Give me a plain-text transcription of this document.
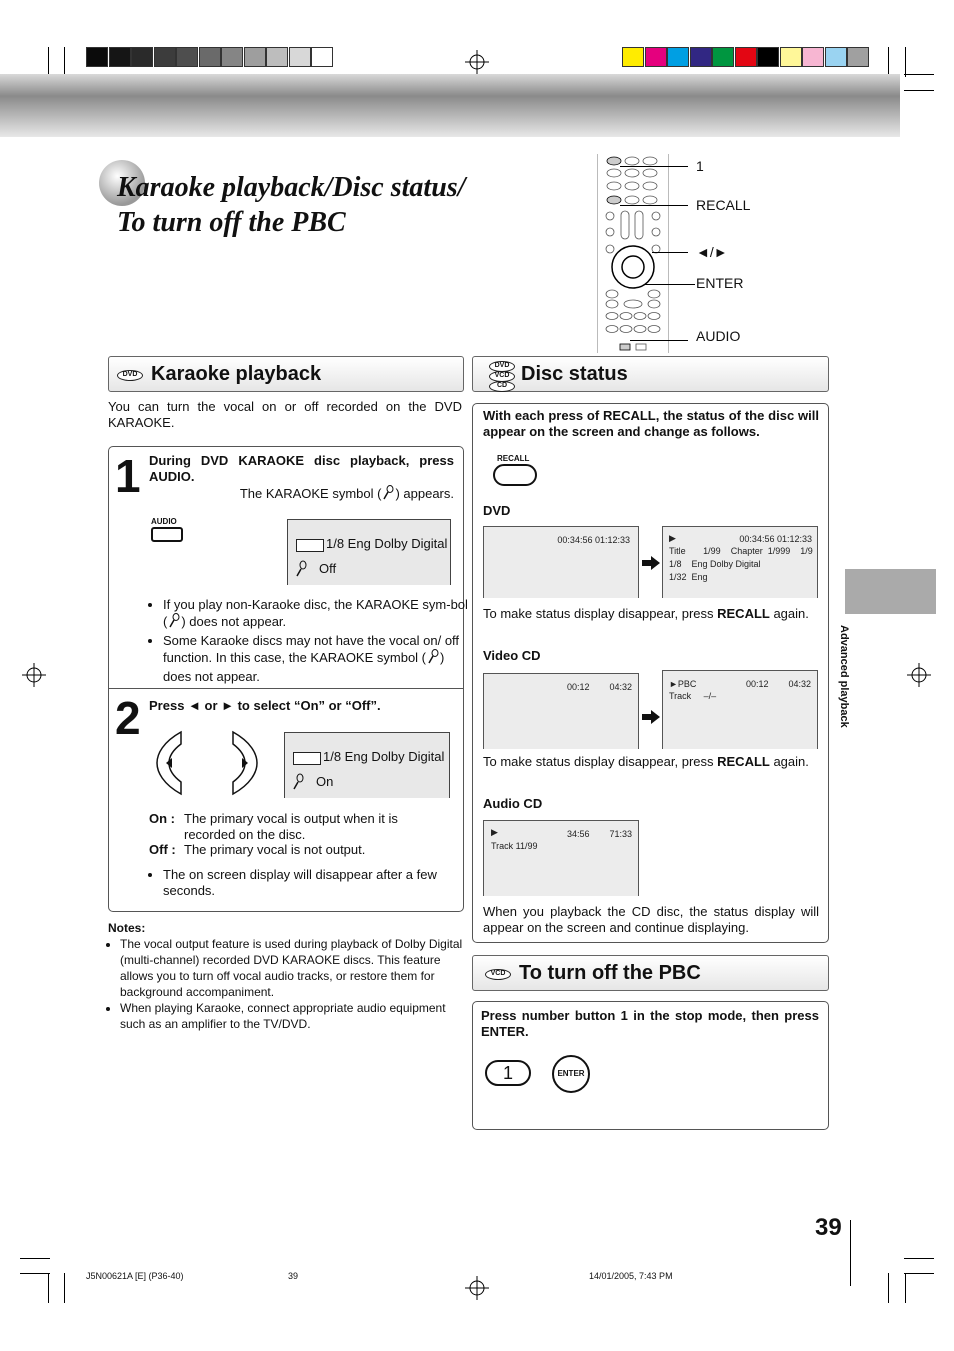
Karaoke playback/Disc status/
To turn off the PBC
1
RECALL
◄/►
ENTER
AUDIO
DVD Karaoke playback
You can turn the vocal on or off recorded on the DVD KARAOKE.
1 During DVD KARAOKE disc playback, press AUDIO.
The KARAOKE symbol ( ) appears.
AUDIO
1/8 Eng Dolby Digital
Off
• If you play non-Karaoke disc, the KARAOKE sym-bol ( ) does not appear.
• Some Karaoke discs may not have the vocal on/ off function. In this case, the KARAOKE symbol ( ) does not appear.
2 Press ◄ or ► to select “On” or “Off”.
1/8 Eng Dolby Digital
On
On : The primary vocal is output when it is recorded on the disc.
Off : The primary vocal is not output.
• The on screen display will disappear after a few seconds.
Notes:
• The vocal output feature is used during playback of Dolby Digital (multi-channel) recorded DVD KARAOKE discs. This feature allows you to turn off vocal audio tracks, or restore them for background accompaniment.
• When playing Karaoke, connect appropriate audio equipment such as an amplifier to the TV/DVD.
DVD
VCD
CD
Disc status
With each press of RECALL, the status of the disc will appear on the screen and change as follows.
RECALL
DVD
00:34:56 01:12:33	▶	00:34:56 01:12:33
Title       1/99    Chapter  1/999    1/9
1/8    Eng Dolby Digital
1/32  Eng
To make status display disappear, press RECALL again.
Video CD
00:12        04:32	►PBC	00:12        04:32
Track     –/–
To make status display disappear, press RECALL again.
Audio CD
▶	34:56        71:33
Track 11/99
When you playback the CD disc, the status display will appear on the screen and continue displaying.
VCD To turn off the PBC
Press number button 1 in the stop mode, then press ENTER.
1	ENTER
Advanced playback
39
J5N00621A [E] (P36-40)	39	14/01/2005, 7:43 PM
